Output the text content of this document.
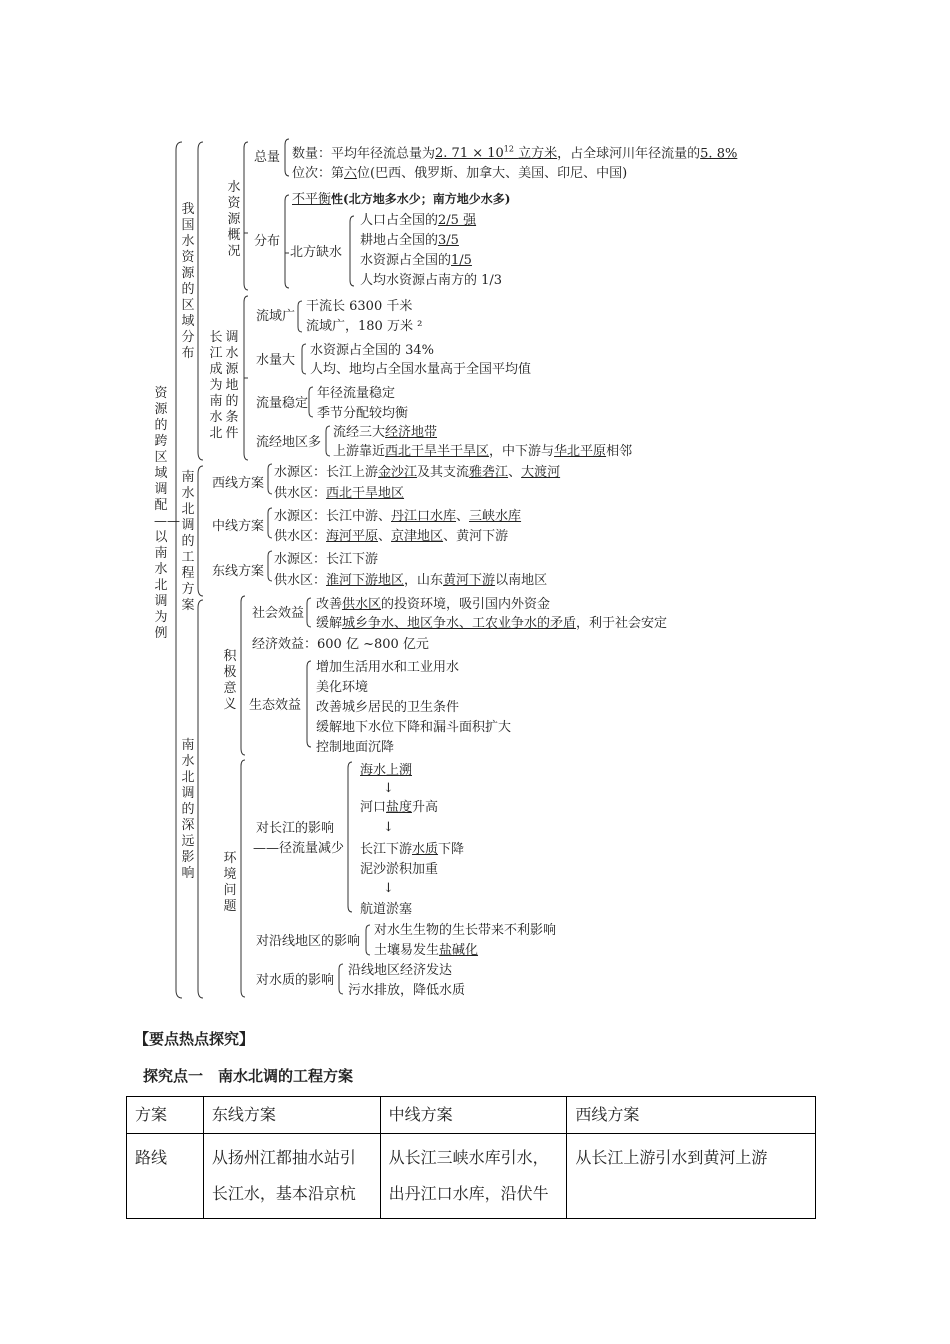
资源的跨区域调配——以南水北调为例
我国水资源的区域分布
水资源概况
调水源地的条件
长江成为南水北
南水北调的工程方案
南水北调的深远影响
积极意义
环境问题
总量 数量：平均年径流总量为2. $71 \times 10^{12}$ 立方米，占全球河川年径流量的5. 8%
位次：第六位(巴西、俄罗斯、加拿大、美国、印尼、中国)
分布
不平衡性(北方地多水少；南方地少水多)
北方缺水
人口占全国的2/5 强
耕地占全国的3/5
水资源占全国的1/5
人均水资源占南方的 1/3
流域广
干流长 6300 千米
流域广，180 万米 ²
水量大
水资源占全国的 34%
人均、地均占全国水量高于全国平均值
流量稳定
年径流量稳定
季节分配较均衡
流经地区多
流经三大经济地带
上游靠近西北干旱半干旱区，中下游与华北平原相邻
西线方案
水源区：长江上游金沙江及其支流雅砻江、大渡河
供水区：西北干旱地区
中线方案
水源区：长江中游、丹江口水库、三峡水库
供水区：海河平原、京津地区、黄河下游
东线方案
水源区：长江下游
供水区：淮河下游地区，山东黄河下游以南地区
社会效益
改善供水区的投资环境，吸引国内外资金
缓解城乡争水、地区争水、工农业争水的矛盾，利于社会安定
经济效益：600 亿 ~800 亿元
生态效益
增加生活用水和工业用水
美化环境
改善城乡居民的卫生条件
缓解地下水位下降和漏斗面积扩大
控制地面沉降
对长江的影响
——径流量减少
海水上溯
↓
河口盐度升高
↓
长江下游水质下降
泥沙淤积加重
↓
航道淤塞
对沿线地区的影响
对水生生物的生长带来不利影响
土壤易发生盐碱化
对水质的影响
沿线地区经济发达
污水排放，降低水质
【要点热点探究】
探究点一　南水北调的工程方案
方案	东线方案	中线方案	西线方案
路线	从扬州江都抽水站引长江水，基本沿京杭	从长江三峡水库引水，出丹江口水库，沿伏牛	从长江上游引水到黄河上游
